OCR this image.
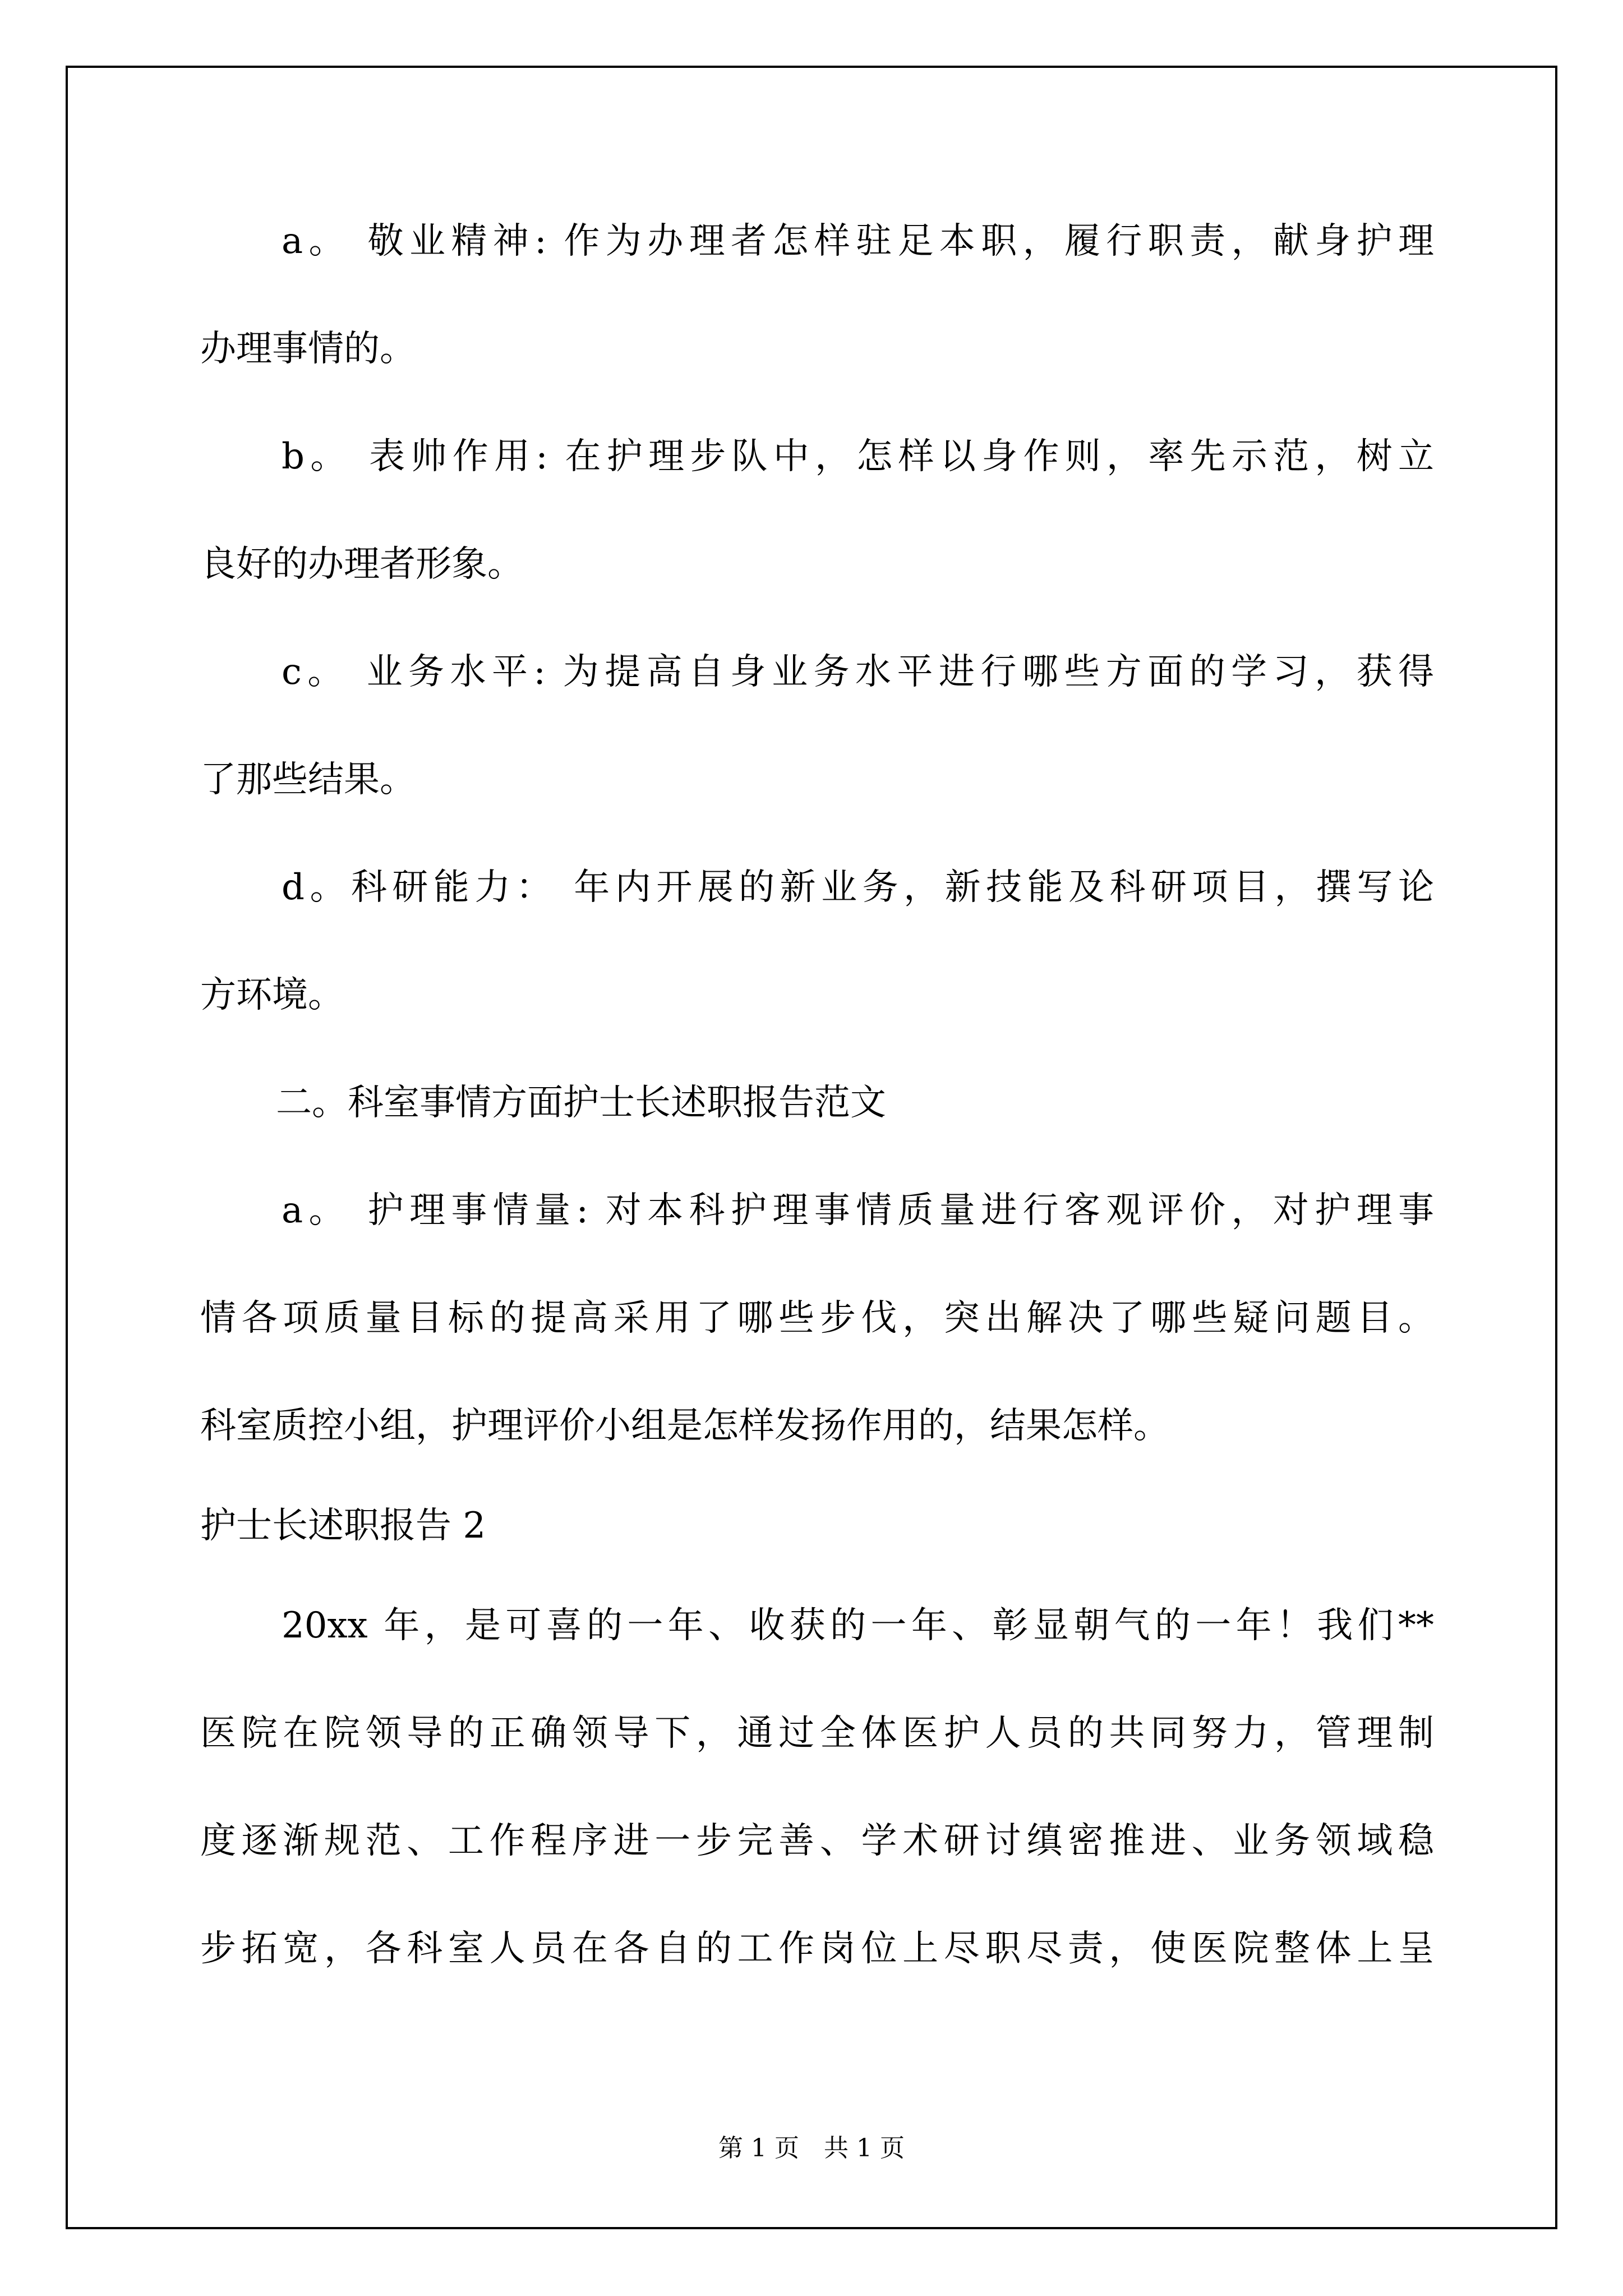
a。 敬业精神: 作为办理者怎样驻足本职，履行职责，献身护理

办理事情的。

b。 表帅作用: 在护理步队中，怎样以身作则，率先示范，树立

良好的办理者形象。

c。 业务水平: 为提高自身业务水平进行哪些方面的学习，获得

了那些结果。

d。科研能力： 年内开展的新业务，新技能及科研项目，撰写论

方环境。

二。科室事情方面护士长述职报告范文

a。 护理事情量: 对本科护理事情质量进行客观评价，对护理事

情各项质量目标的提高采用了哪些步伐，突出解决了哪些疑问题目。

科室质控小组，护理评价小组是怎样发扬作用的，结果怎样。

护士长述职报告 2

20xx 年，是可喜的一年、收获的一年、彰显朝气的一年！我们**

医院在院领导的正确领导下，通过全体医护人员的共同努力，管理制

度逐渐规范、工作程序进一步完善、学术研讨缜密推进、业务领域稳

步拓宽，各科室人员在各自的工作岗位上尽职尽责，使医院整体上呈

第 1 页　共 1 页
